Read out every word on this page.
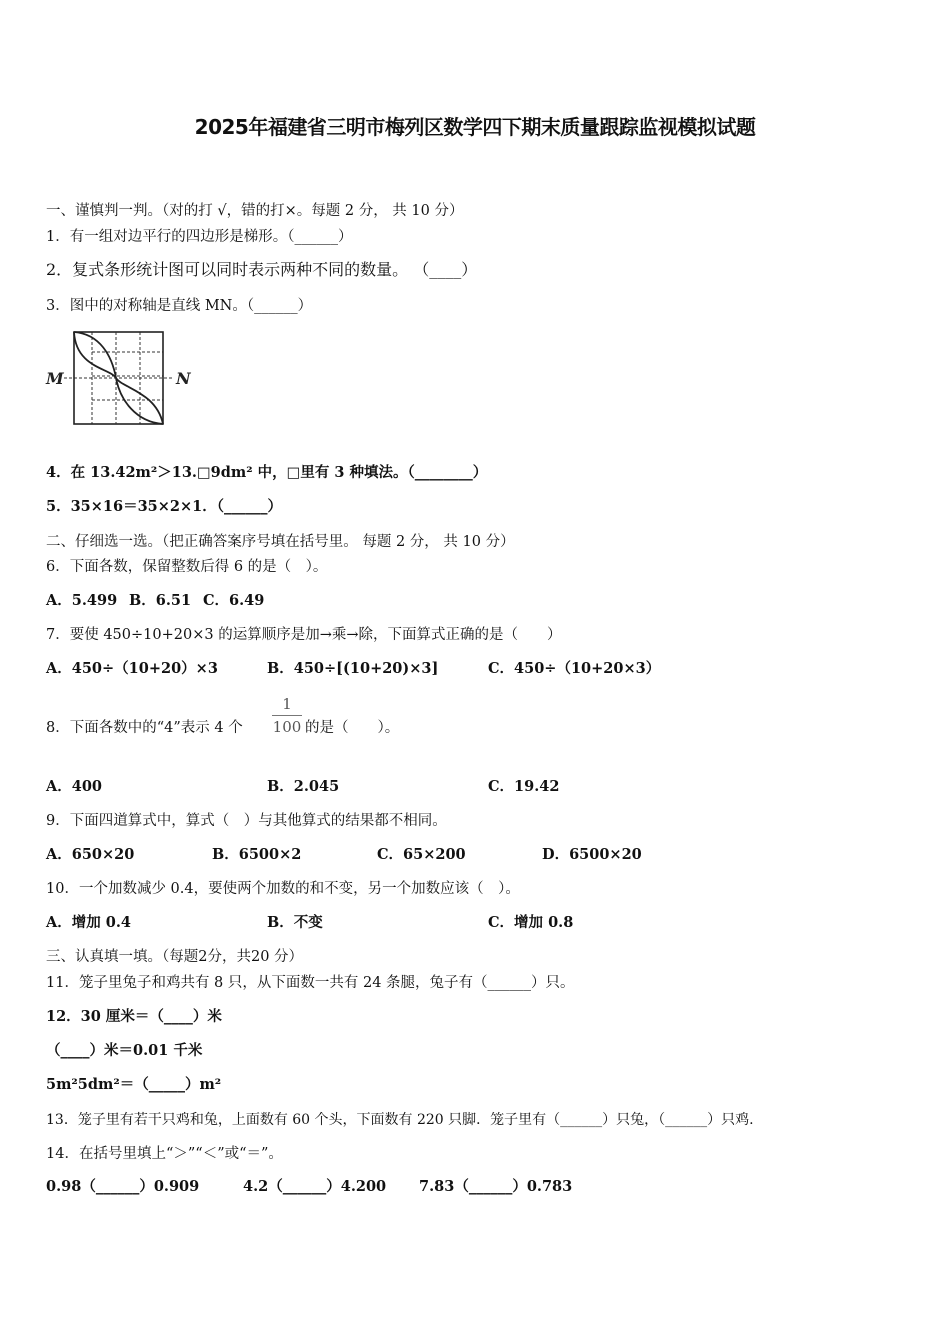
2025年福建省三明市梅列区数学四下期末质量跟踪监视模拟试题
一、谨慎判一判。（对的打 √，错的打×。每题 2 分， 共 10 分）
1．有一组对边平行的四边形是梯形。（______）
2．复式条形统计图可以同时表示两种不同的数量。 （____）
3．图中的对称轴是直线 MN。（______）
M	N
4．在 13.42m²＞13.□9dm² 中，□里有 3 种填法。（________）
5．35×16＝35×2×1．（______）
二、仔细选一选。（把正确答案序号填在括号里。 每题 2 分， 共 10 分）
6．下面各数，保留整数后得 6 的是（　）。
A．5.499 B．6.51 C．6.49
7．要使 450÷10+20×3 的运算顺序是加→乘→除，下面算式正确的是（　　）
A．450÷（10+20）×3	B．450÷[(10+20)×3]	C．450÷（10+20×3）
8．下面各数中的“4”表示 4 个
1
100 的是（　　）。
A．400	B．2.045	C．19.42
9．下面四道算式中，算式（　）与其他算式的结果都不相同。
A．650×20	B．6500×2	C．65×200	D．6500×20
10．一个加数减少 0.4，要使两个加数的和不变，另一个加数应该（　）。
A．增加 0.4	B．不变	C．增加 0.8
三、认真填一填。（每题2分，共20 分）
11．笼子里兔子和鸡共有 8 只，从下面数一共有 24 条腿，兔子有（______）只。
12．30 厘米＝（____）米
（____）米＝0.01 千米
5m²5dm²＝（_____）m²
13．笼子里有若干只鸡和兔，上面数有 60 个头，下面数有 220 只脚．笼子里有（______）只兔，（______）只鸡.
14．在括号里填上“＞”“＜”或“＝”。
0.98（______）0.909	4.2（______）4.200 7.83（______）0.783
